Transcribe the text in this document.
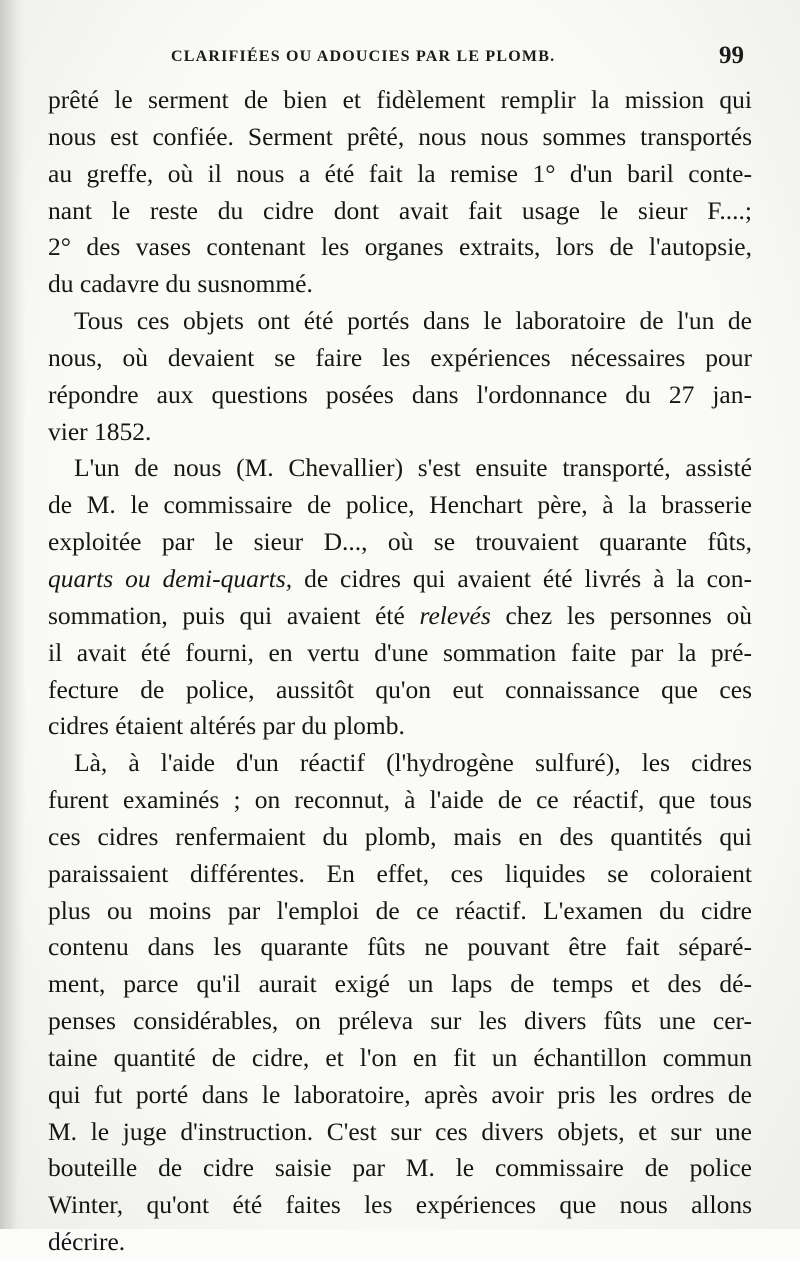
CLARIFIÉES OU ADOUCIES PAR LE PLOMB.	99

prêté le serment de bien et fidèlement remplir la mission qui
nous est confiée. Serment prêté, nous nous sommes transportés
au greffe, où il nous a été fait la remise 1° d'un baril conte-
nant le reste du cidre dont avait fait usage le sieur F....;
2° des vases contenant les organes extraits, lors de l'autopsie,
du cadavre du susnommé.

Tous ces objets ont été portés dans le laboratoire de l'un de
nous, où devaient se faire les expériences nécessaires pour
répondre aux questions posées dans l'ordonnance du 27 jan-
vier 1852.

L'un de nous (M. Chevallier) s'est ensuite transporté, assisté
de M. le commissaire de police, Henchart père, à la brasserie
exploitée par le sieur D..., où se trouvaient quarante fûts,
quarts ou demi-quarts, de cidres qui avaient été livrés à la con-
sommation, puis qui avaient été relevés chez les personnes où
il avait été fourni, en vertu d'une sommation faite par la pré-
fecture de police, aussitôt qu'on eut connaissance que ces
cidres étaient altérés par du plomb.

Là, à l'aide d'un réactif (l'hydrogène sulfuré), les cidres
furent examinés ; on reconnut, à l'aide de ce réactif, que tous
ces cidres renfermaient du plomb, mais en des quantités qui
paraissaient différentes. En effet, ces liquides se coloraient
plus ou moins par l'emploi de ce réactif. L'examen du cidre
contenu dans les quarante fûts ne pouvant être fait séparé-
ment, parce qu'il aurait exigé un laps de temps et des dé-
penses considérables, on préleva sur les divers fûts une cer-
taine quantité de cidre, et l'on en fit un échantillon commun
qui fut porté dans le laboratoire, après avoir pris les ordres de
M. le juge d'instruction. C'est sur ces divers objets, et sur une
bouteille de cidre saisie par M. le commissaire de police
Winter, qu'ont été faites les expériences que nous allons
décrire.
